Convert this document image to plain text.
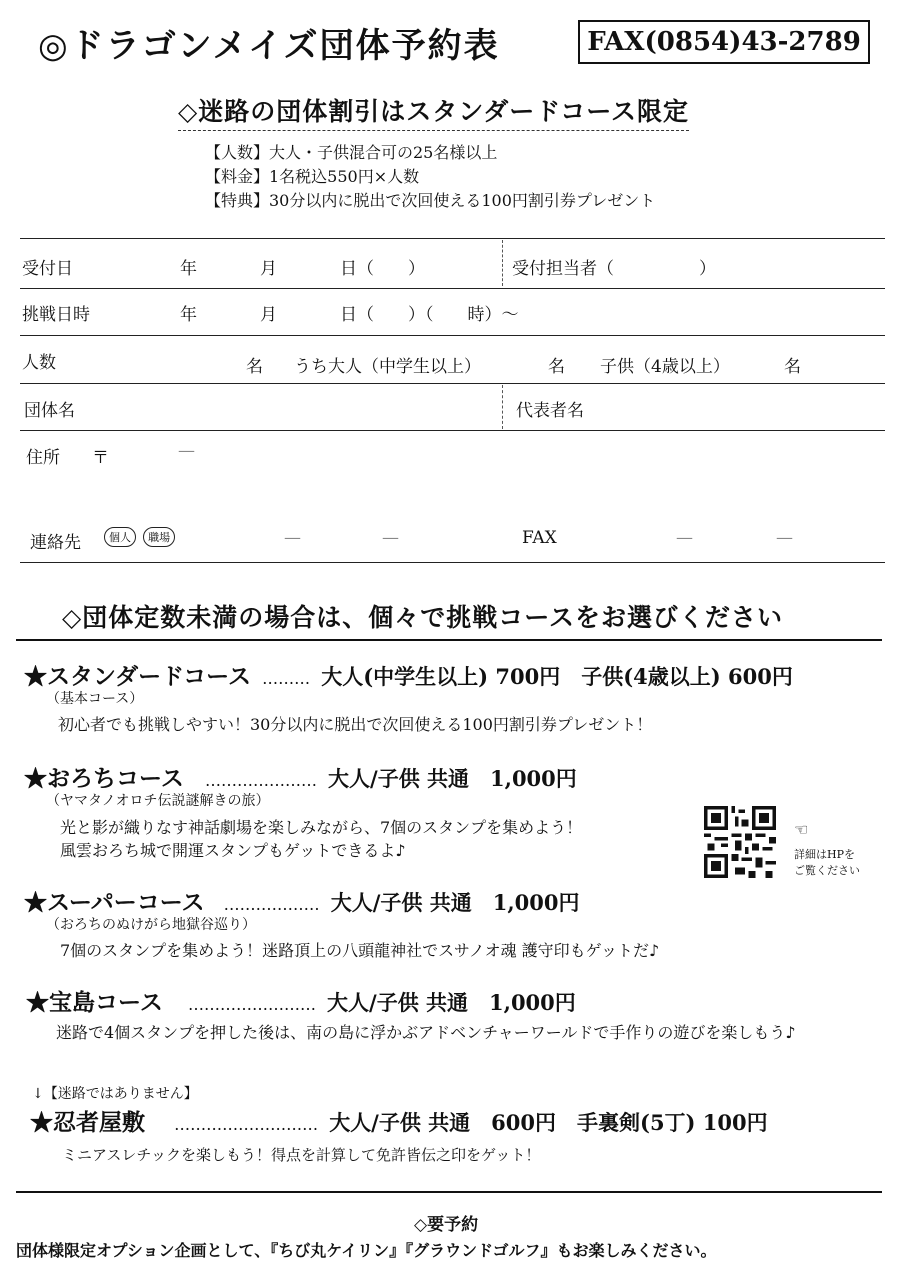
◎ドラゴンメイズ団体予約表	FAX(0854)43-2789
◇迷路の団体割引はスタンダードコース限定
【人数】大人・子供混合可の25名様以上
【料金】1名税込550円×人数
【特典】30分以内に脱出で次回使える100円割引券プレゼント
受付日	年	月	日（　　）	受付担当者（　　　　　）
挑戦日時	年	月	日（　　）（　　時）～
人数	名 うち大人（中学生以上）	名 子供（4歳以上）	名
団体名	代表者名
住所 〒	—
連絡先	個人 職場	—	—	FAX	—	—
◇団体定数未満の場合は、個々で挑戦コースをお選びください
★スタンダードコース ……… 大人(中学生以上) 700円　子供(4歳以上) 600円
（基本コース）
初心者でも挑戦しやすい！30分以内に脱出で次回使える100円割引券プレゼント！
★おろちコース ………………… 大人/子供 共通　1,000円
（ヤマタノオロチ伝説謎解きの旅）
光と影が織りなす神話劇場を楽しみながら、7個のスタンプを集めよう！
風雲おろち城で開運スタンプもゲットできるよ♪
☜
詳細はHPを
ご覧ください
★スーパーコース ……………… 大人/子供 共通　1,000円
（おろちのぬけがら地獄谷巡り）
7個のスタンプを集めよう！迷路頂上の八頭龍神社でスサノオ魂 護守印もゲットだ♪
★宝島コース …………………… 大人/子供 共通　1,000円
迷路で4個スタンプを押した後は、南の島に浮かぶアドベンチャーワールドで手作りの遊びを楽しもう♪
↓【迷路ではありません】
★忍者屋敷 ……………………… 大人/子供 共通　600円　手裏剣(5丁) 100円
ミニアスレチックを楽しもう！得点を計算して免許皆伝之印をゲット！
◇要予約
団体様限定オプション企画として、『ちび丸ケイリン』『グラウンドゴルフ』もお楽しみください。
